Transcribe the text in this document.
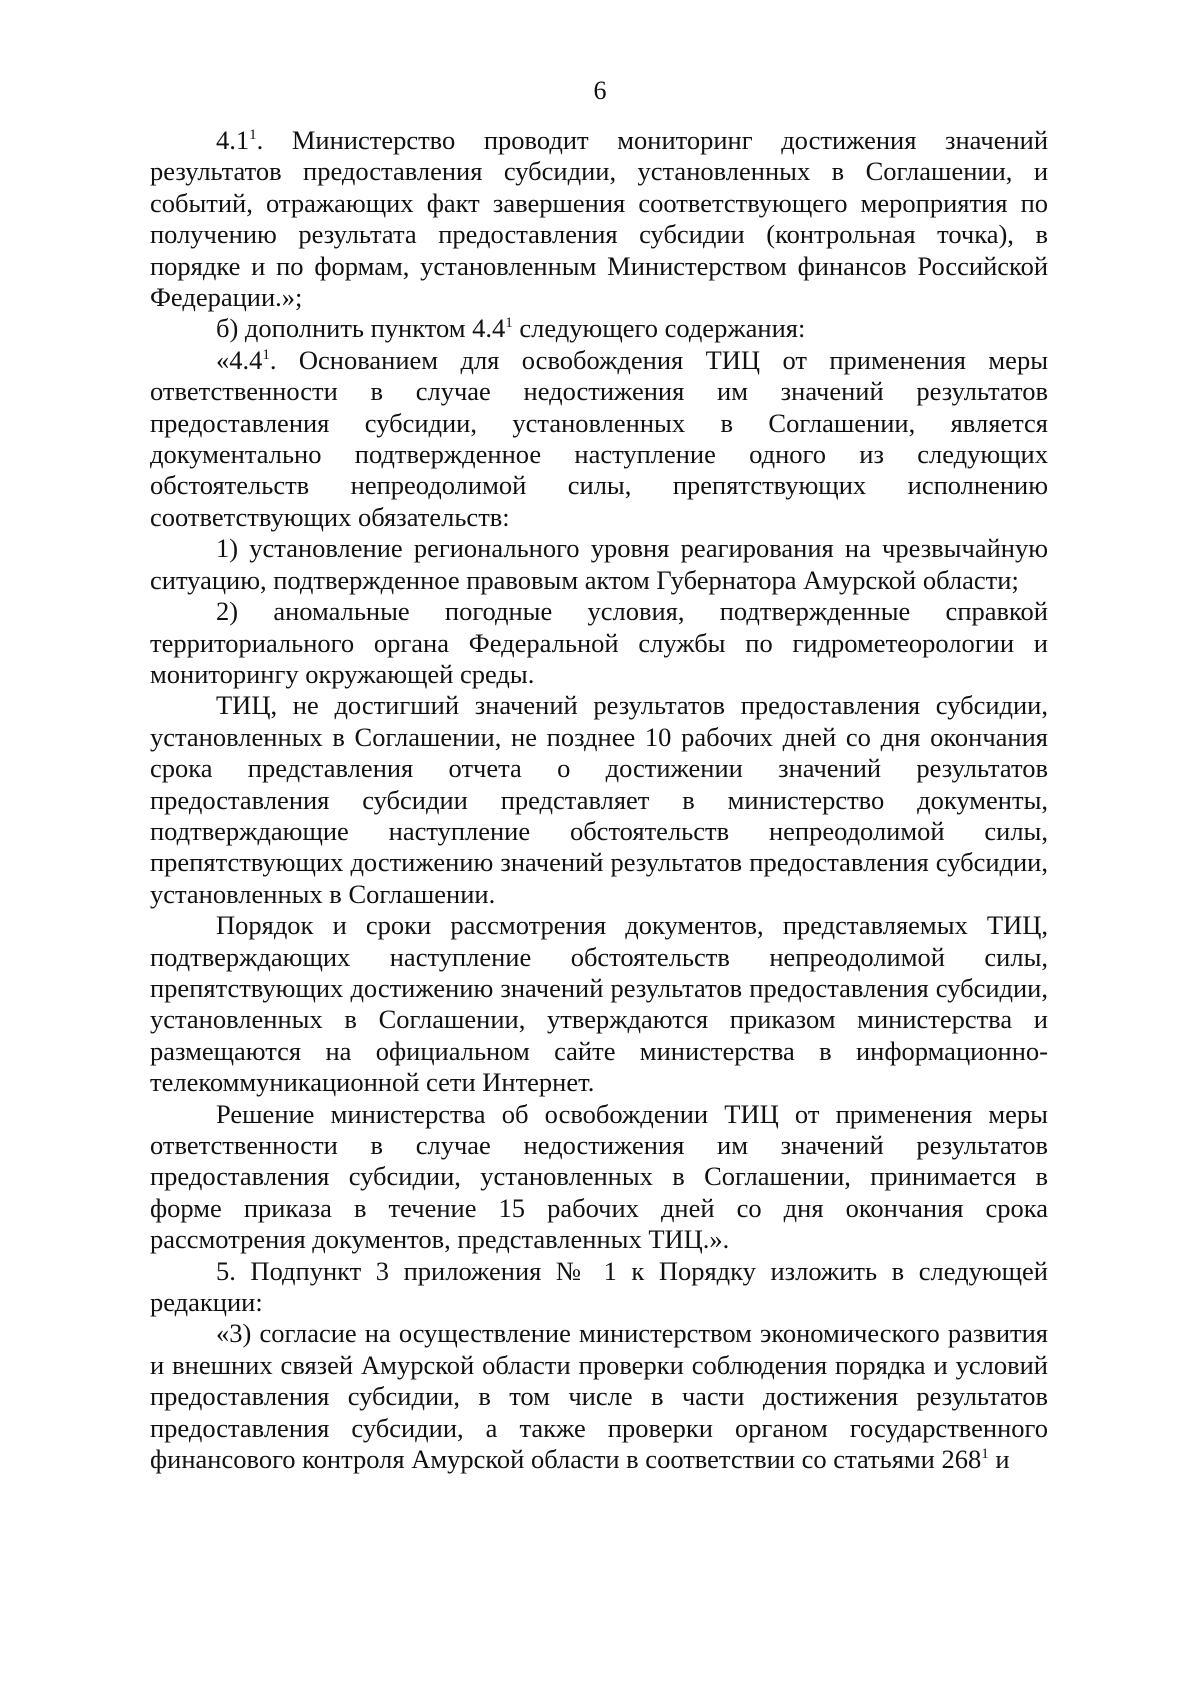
6

$4.1^1$. Министерство проводит мониторинг достижения значений результатов предоставления субсидии, установленных в Соглашении, и событий, отражающих факт завершения соответствующего мероприятия по получению результата предоставления субсидии (контрольная точка), в порядке и по формам, установленным Министерством финансов Российской Федерации.»;

б) дополнить пунктом $4.4^1$ следующего содержания:

«$4.4^1$. Основанием для освобождения ТИЦ от применения меры ответственности в случае недостижения им значений результатов предоставления субсидии, установленных в Соглашении, является документально подтвержденное наступление одного из следующих обстоятельств непреодолимой силы, препятствующих исполнению соответствующих обязательств:

1) установление регионального уровня реагирования на чрезвычайную ситуацию, подтвержденное правовым актом Губернатора Амурской области;

2) аномальные погодные условия, подтвержденные справкой территориального органа Федеральной службы по гидрометеорологии и мониторингу окружающей среды.

ТИЦ, не достигший значений результатов предоставления субсидии, установленных в Соглашении, не позднее 10 рабочих дней со дня окончания срока представления отчета о достижении значений результатов предоставления субсидии представляет в министерство документы, подтверждающие наступление обстоятельств непреодолимой силы, препятствующих достижению значений результатов предоставления субсидии, установленных в Соглашении.

Порядок и сроки рассмотрения документов, представляемых ТИЦ, подтверждающих наступление обстоятельств непреодолимой силы, препятствующих достижению значений результатов предоставления субсидии, установленных в Соглашении, утверждаются приказом министерства и размещаются на официальном сайте министерства в информационно-телекоммуникационной сети Интернет.

Решение министерства об освобождении ТИЦ от применения меры ответственности в случае недостижения им значений результатов предоставления субсидии, установленных в Соглашении, принимается в форме приказа в течение 15 рабочих дней со дня окончания срока рассмотрения документов, представленных ТИЦ.».

5. Подпункт 3 приложения № 1 к Порядку изложить в следующей редакции:

«3) согласие на осуществление министерством экономического развития и внешних связей Амурской области проверки соблюдения порядка и условий предоставления субсидии, в том числе в части достижения результатов предоставления субсидии, а также проверки органом государственного финансового контроля Амурской области в соответствии со статьями $268^1$ и
